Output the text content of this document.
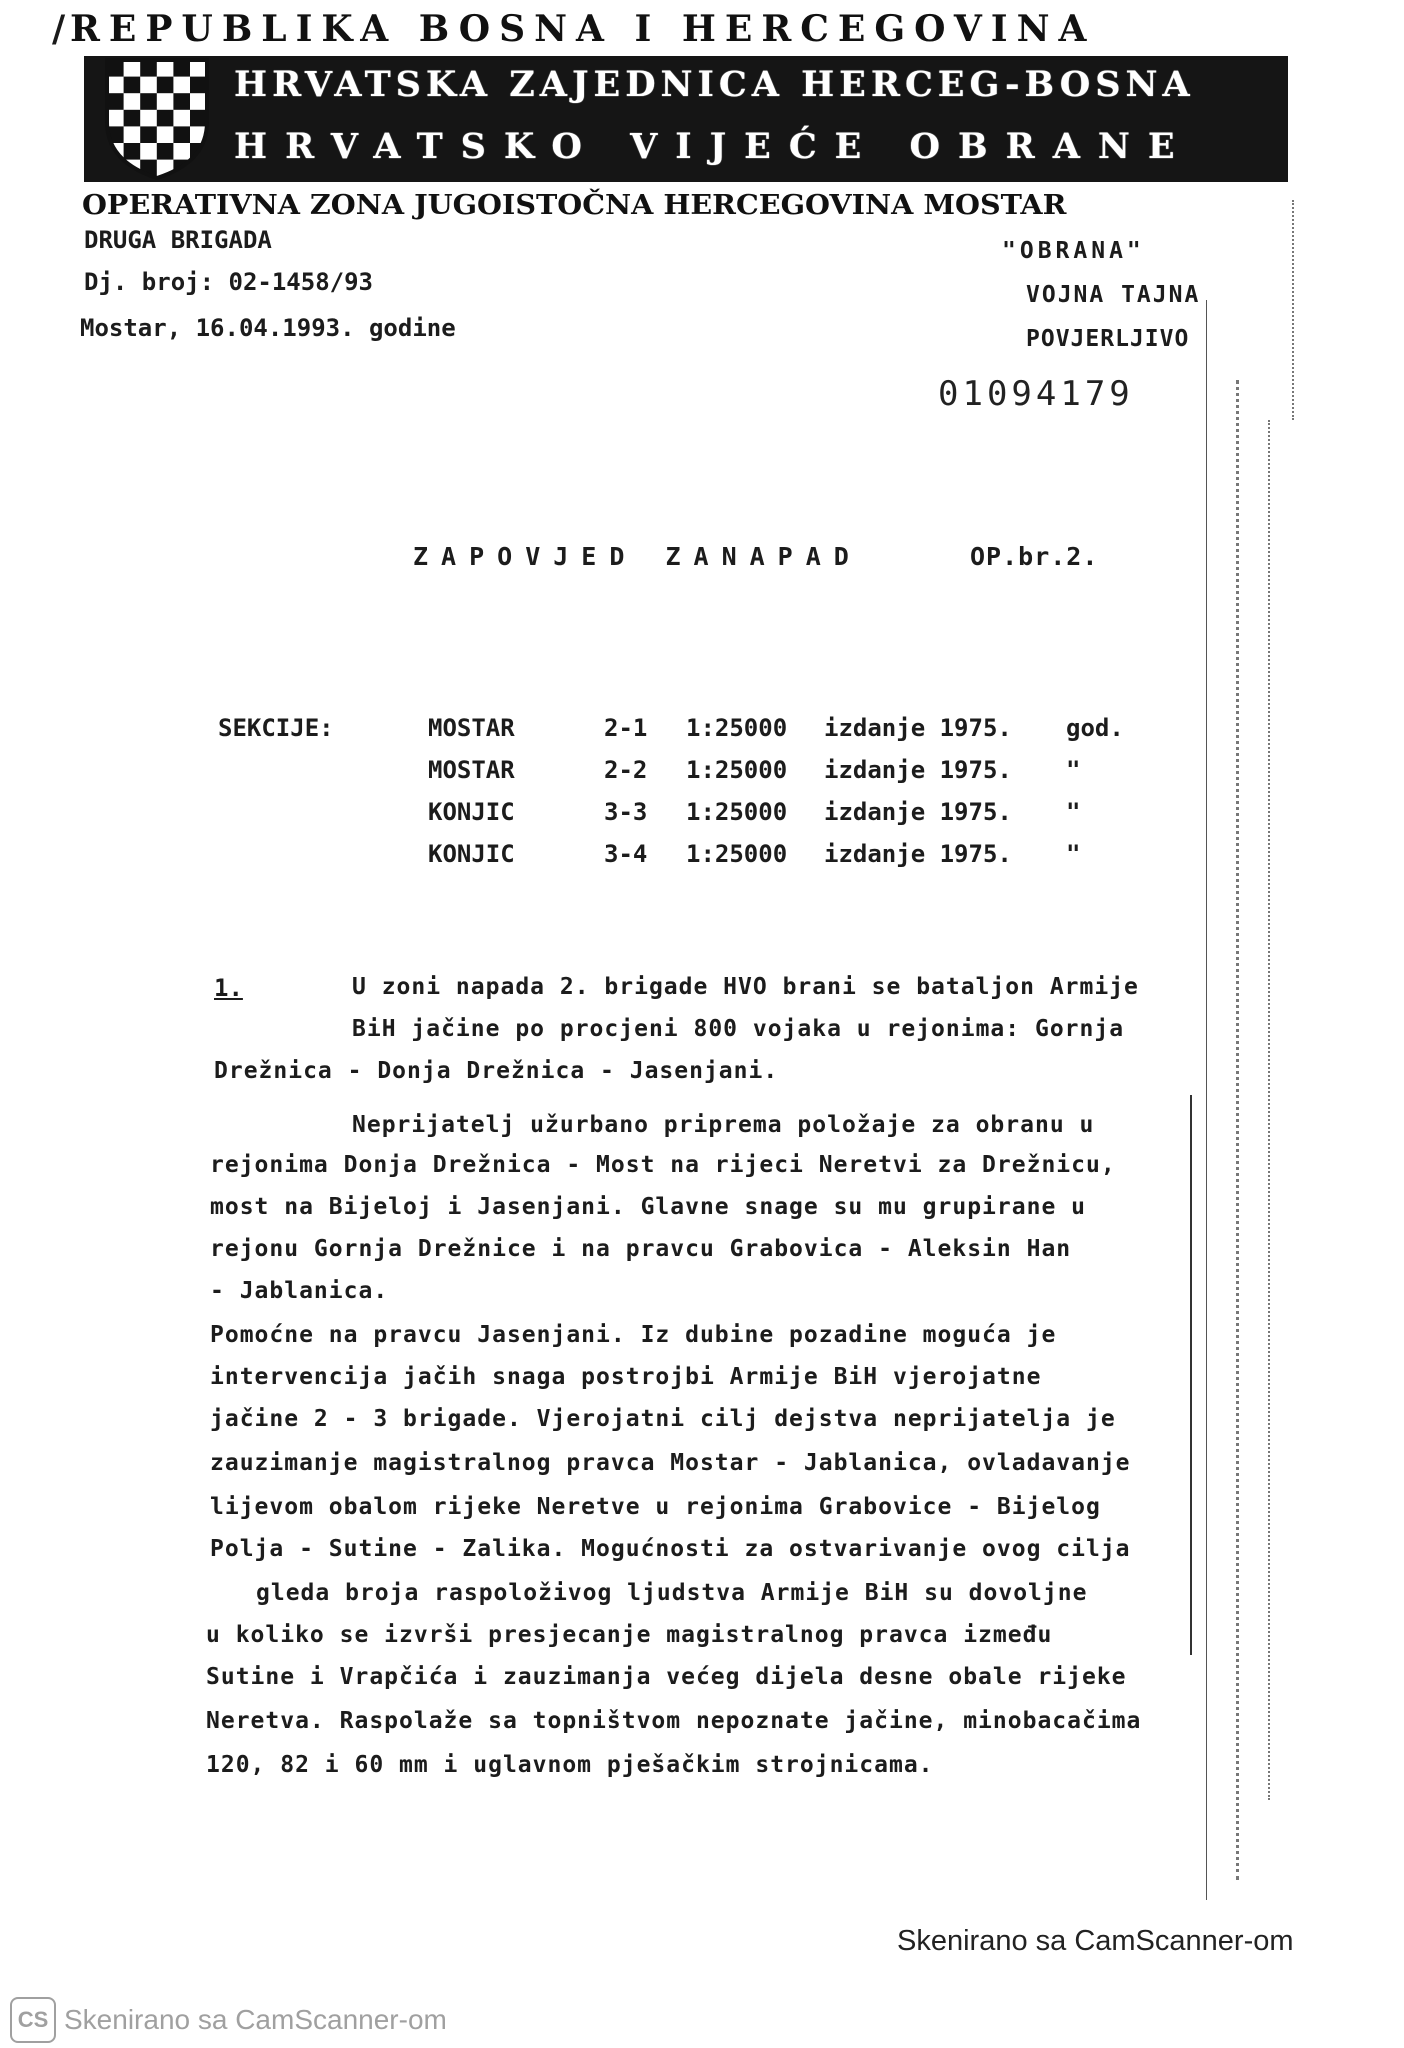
/ REPUBLIKA BOSNA I HERCEGOVINA
HRVATSKA ZAJEDNICA HERCEG-BOSNA
HRVATSKO VIJEĆE OBRANE
OPERATIVNA ZONA JUGOISTOČNA HERCEGOVINA MOSTAR
DRUGA BRIGADA
Dj. broj: 02-1458/93
Mostar, 16.04.1993. godine
"OBRANA"
VOJNA TAJNA
POVJERLJIVO
01094179
ZAPOVJED ZANAPAD	OP.br.2.
SEKCIJE:	MOSTAR	2-1 1:25000 izdanje 1975. god.
MOSTAR	2-2 1:25000 izdanje 1975. "
KONJIC	3-3 1:25000 izdanje 1975. "
KONJIC	3-4 1:25000 izdanje 1975. "
1.	U zoni napada 2. brigade HVO brani se bataljon Armije
BiH jačine po procjeni 800 vojaka u rejonima: Gornja
Drežnica - Donja Drežnica - Jasenjani.
Neprijatelj užurbano priprema položaje za obranu u
rejonima Donja Drežnica - Most na rijeci Neretvi za Drežnicu,
most na Bijeloj i Jasenjani. Glavne snage su mu grupirane u
rejonu Gornja Drežnice i na pravcu Grabovica - Aleksin Han
- Jablanica.
Pomoćne na pravcu Jasenjani. Iz dubine pozadine moguća je
intervencija jačih snaga postrojbi Armije BiH vjerojatne
jačine 2 - 3 brigade. Vjerojatni cilj dejstva neprijatelja je
zauzimanje magistralnog pravca Mostar - Jablanica, ovladavanje
lijevom obalom rijeke Neretve u rejonima Grabovice - Bijelog
Polja - Sutine - Zalika. Mogućnosti za ostvarivanje ovog cilja
gleda broja raspoloživog ljudstva Armije BiH su dovoljne
u koliko se izvrši presjecanje magistralnog pravca između
Sutine i Vrapčića i zauzimanja većeg dijela desne obale rijeke
Neretva. Raspolaže sa topništvom nepoznate jačine, minobacačima
120, 82 i 60 mm i uglavnom pješačkim strojnicama.
Skenirano sa CamScanner-om
CS Skenirano sa CamScanner-om
